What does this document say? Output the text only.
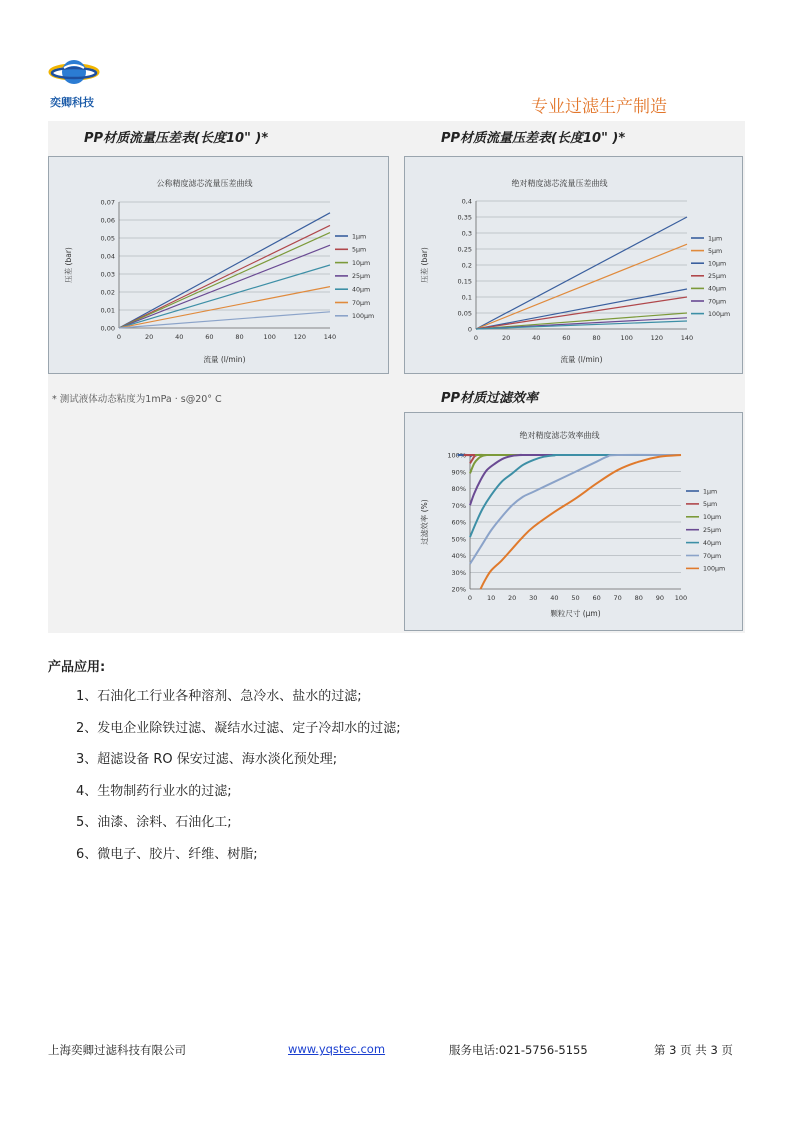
奕卿科技	专业过滤生产制造
PP材质流量压差表(长度10" )*	PP材质流量压差表(长度10" )*
PP材质过滤效率
公称精度滤芯流量压差曲线
0,00
0,01
0,02
0,03
0,04
0,05
0,06
0,07
0	20	40	60	80	100	120	140
流量 (l/min)
压差 (bar)
1μm
5μm
10μm
25μm
40μm
70μm
100μm
绝对精度滤芯流量压差曲线
0
0,05
0,1
0,15
0,2
0,25
0,3
0,35
0,4
0	20	40	60	80	100	120	140
流量 (l/min)
压差 (bar)
1μm
5μm
10μm
25μm
40μm
70μm
100μm
绝对精度滤芯效率曲线
20%
30%
40%
50%
60%
70%
80%
90%
100%
0 10 20 30 40 50 60 70 80 90 100
颗粒尺寸 (μm)
过滤效率 (%)
1μm
5μm
10μm
25μm
40μm
70μm
100μm
* 测试液体动态粘度为1mPa · s@20° C
产品应用:
1、石油化工行业各种溶剂、急冷水、盐水的过滤;
2、发电企业除铁过滤、凝结水过滤、定子冷却水的过滤;
3、超滤设备 RO 保安过滤、海水淡化预处理;
4、生物制药行业水的过滤;
5、油漆、涂料、石油化工;
6、微电子、胶片、纤维、树脂;
上海奕卿过滤科技有限公司	www.yqstec.com	服务电话:021-5756-5155	第 3 页 共 3 页
